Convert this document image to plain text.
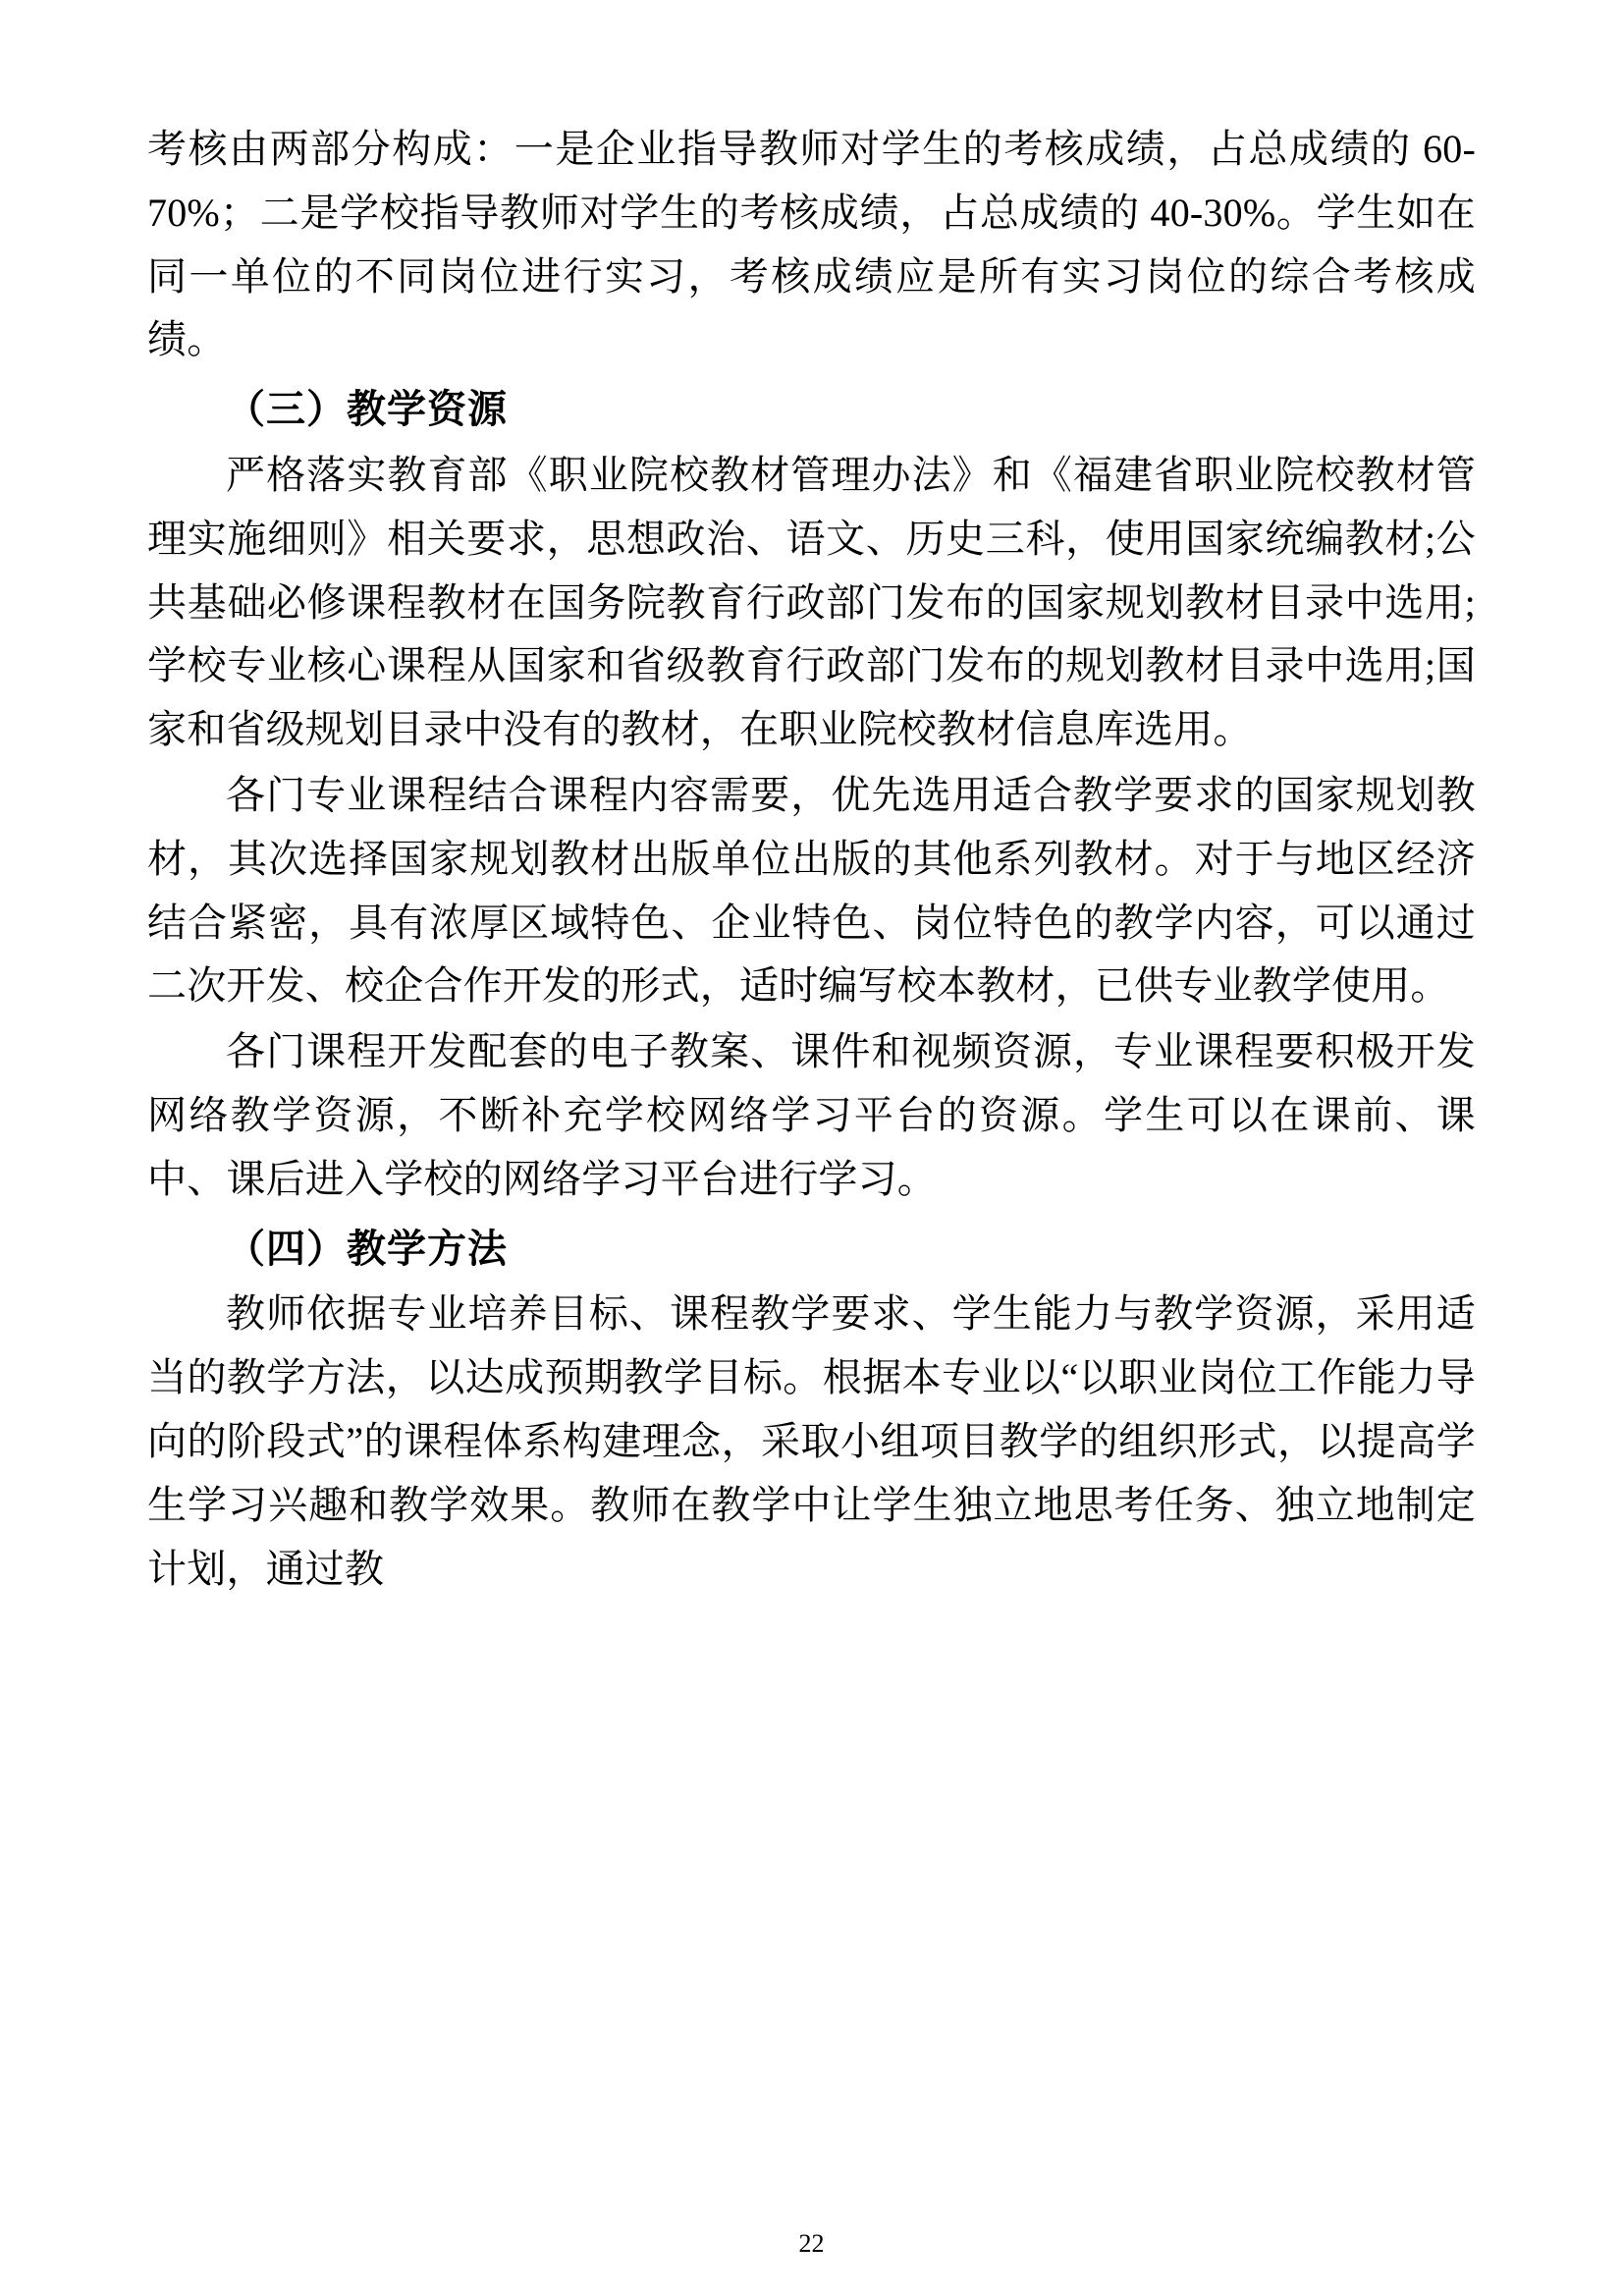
考核由两部分构成：一是企业指导教师对学生的考核成绩，占总成绩的 60-70%；二是学校指导教师对学生的考核成绩，占总成绩的 40-30%。学生如在同一单位的不同岗位进行实习，考核成绩应是所有实习岗位的综合考核成绩。

（三）教学资源

严格落实教育部《职业院校教材管理办法》和《福建省职业院校教材管理实施细则》相关要求，思想政治、语文、历史三科，使用国家统编教材;公共基础必修课程教材在国务院教育行政部门发布的国家规划教材目录中选用;学校专业核心课程从国家和省级教育行政部门发布的规划教材目录中选用;国家和省级规划目录中没有的教材，在职业院校教材信息库选用。

各门专业课程结合课程内容需要，优先选用适合教学要求的国家规划教材，其次选择国家规划教材出版单位出版的其他系列教材。对于与地区经济结合紧密，具有浓厚区域特色、企业特色、岗位特色的教学内容，可以通过二次开发、校企合作开发的形式，适时编写校本教材，已供专业教学使用。

各门课程开发配套的电子教案、课件和视频资源，专业课程要积极开发网络教学资源，不断补充学校网络学习平台的资源。学生可以在课前、课中、课后进入学校的网络学习平台进行学习。

（四）教学方法

教师依据专业培养目标、课程教学要求、学生能力与教学资源，采用适当的教学方法，以达成预期教学目标。根据本专业以“以职业岗位工作能力导向的阶段式”的课程体系构建理念，采取小组项目教学的组织形式，以提高学生学习兴趣和教学效果。教师在教学中让学生独立地思考任务、独立地制定计划，通过教

22
